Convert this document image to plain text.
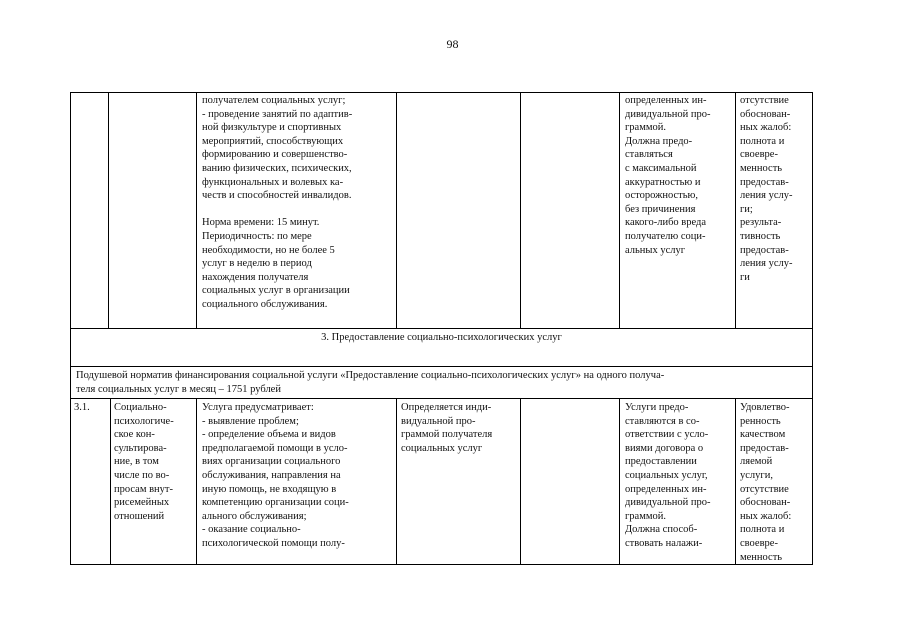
98
получателем социальных услуг;
- проведение занятий по адаптив-
ной физкультуре и спортивных
мероприятий, способствующих
формированию и совершенство-
ванию физических, психических,
функциональных и волевых ка-
честв и способностей инвалидов.
Норма времени: 15 минут.
Периодичность: по мере
необходимости, но не более 5
услуг в неделю в период
нахождения получателя
социальных услуг в организации
социального обслуживания.
определенных ин-
дивидуальной про-
граммой.
Должна предо-
ставляться
с максимальной
аккуратностью и
осторожностью,
без причинения
какого-либо вреда
получателю соци-
альных услуг
отсутствие
обоснован-
ных жалоб:
полнота и
своевре-
менность
предостав-
ления услу-
ги;
результа-
тивность
предостав-
ления услу-
ги
3. Предоставление социально-психологических услуг
Подушевой норматив финансирования социальной услуги «Предоставление социально-психологических услуг» на одного получа-
теля социальных услуг в месяц – 1751 рублей
3.1.	Социально-
психологиче-
ское кон-
сультирова-
ние, в том
числе по во-
просам внут-
рисемейных
отношений
Услуга предусматривает:
- выявление проблем;
- определение объема и видов
предполагаемой помощи в усло-
виях организации социального
обслуживания, направления на
иную помощь, не входящую в
компетенцию организации соци-
ального обслуживания;
- оказание социально-
психологической помощи полу-
Определяется инди-
видуальной про-
граммой получателя
социальных услуг
Услуги предо-
ставляются в со-
ответствии с усло-
виями договора о
предоставлении
социальных услуг,
определенных ин-
дивидуальной про-
граммой.
Должна способ-
ствовать налажи-
Удовлетво-
ренность
качеством
предостав-
ляемой
услуги,
отсутствие
обоснован-
ных жалоб:
полнота и
своевре-
менность
